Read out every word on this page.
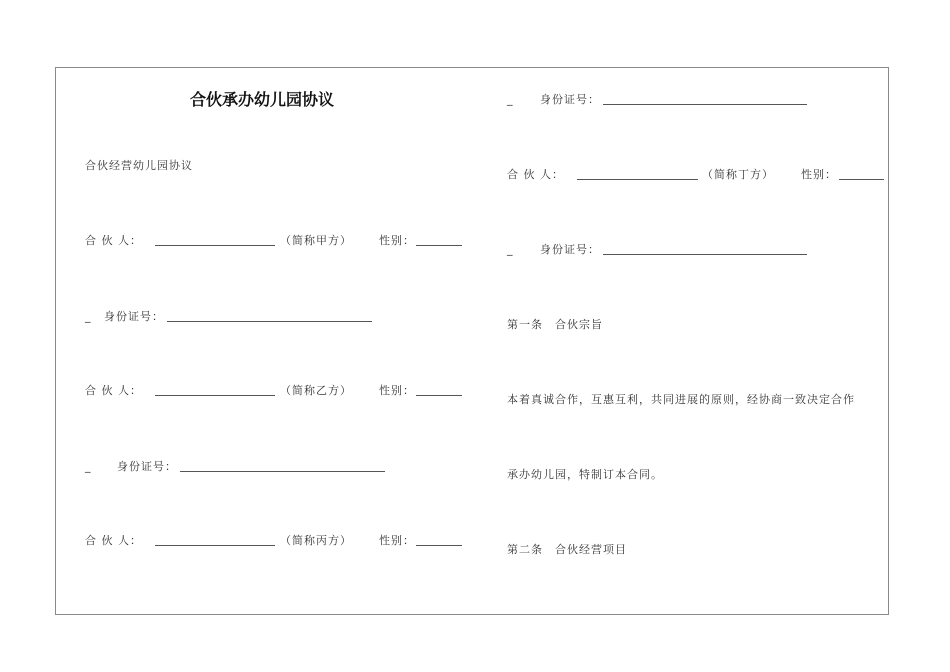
合伙承办幼儿园协议
合伙经营幼儿园协议
合 伙 人：	（简称甲方） 性别：
_ 身份证号：
合 伙 人：	（简称乙方） 性别：
_ 身份证号：
合 伙 人：	（简称丙方） 性别：
_ 身份证号：
合 伙 人：	（简称丁方） 性别：
_ 身份证号：
第一条　合伙宗旨
本着真诚合作，互惠互利，共同进展的原则，经协商一致决定合作
承办幼儿园，特制订本合同。
第二条　合伙经营项目
